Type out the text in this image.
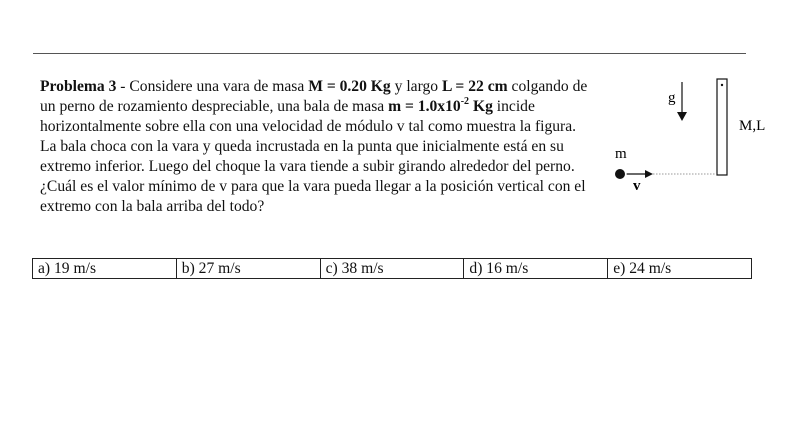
Problema 3 - Considere una vara de masa M = 0.20 Kg y largo L = 22 cm colgando de un perno de rozamiento despreciable, una bala de masa $m = 1.0x10^{-2}$ Kg incide horizontalmente sobre ella con una velocidad de módulo v tal como muestra la figura. La bala choca con la vara y queda incrustada en la punta que inicialmente está en su extremo inferior. Luego del choque la vara tiende a subir girando alrededor del perno. ¿Cuál es el valor mínimo de v para que la vara pueda llegar a la posición vertical con el extremo con la bala arriba del todo?
g
M,L
m
v
a) 19 m/s	b) 27 m/s	c) 38 m/s	d) 16 m/s	e) 24 m/s
